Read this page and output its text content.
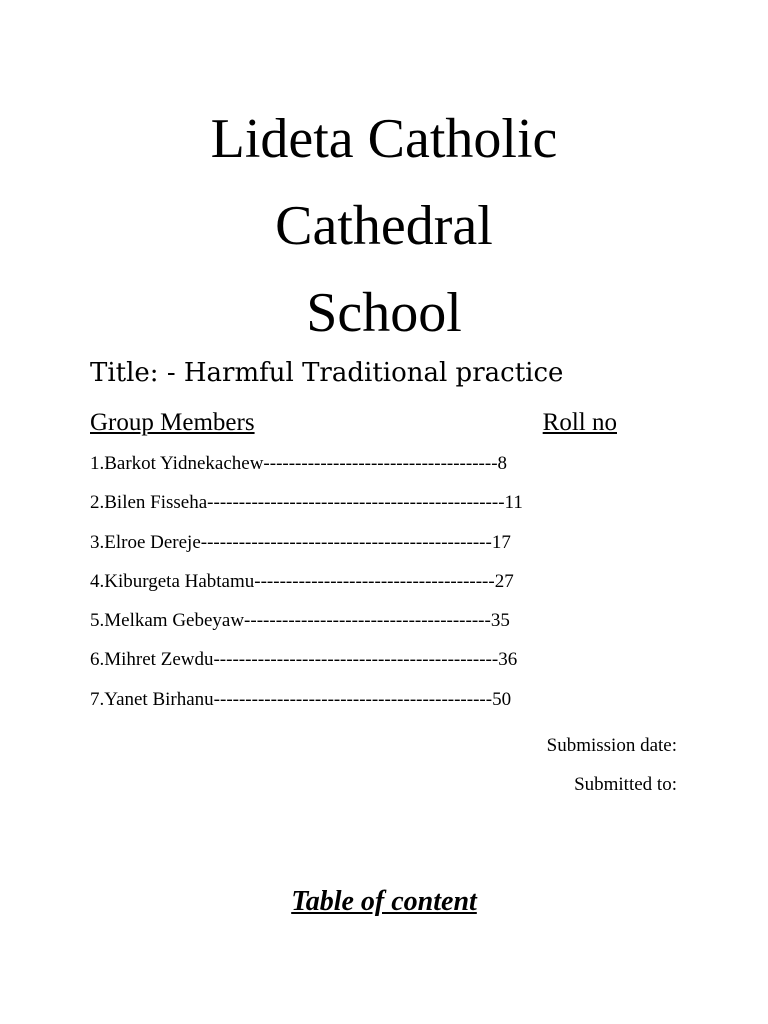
Lideta Catholic
Cathedral
School
Title: - Harmful Traditional practice
Group Members	Roll no
1.Barkot Yidnekachew-------------------------------------8
2.Bilen Fisseha-----------------------------------------------11
3.Elroe Dereje----------------------------------------------17
4.Kiburgeta Habtamu--------------------------------------27
5.Melkam Gebeyaw---------------------------------------35
6.Mihret Zewdu---------------------------------------------36
7.Yanet Birhanu--------------------------------------------50
Submission date:
Submitted to:
Table of content
